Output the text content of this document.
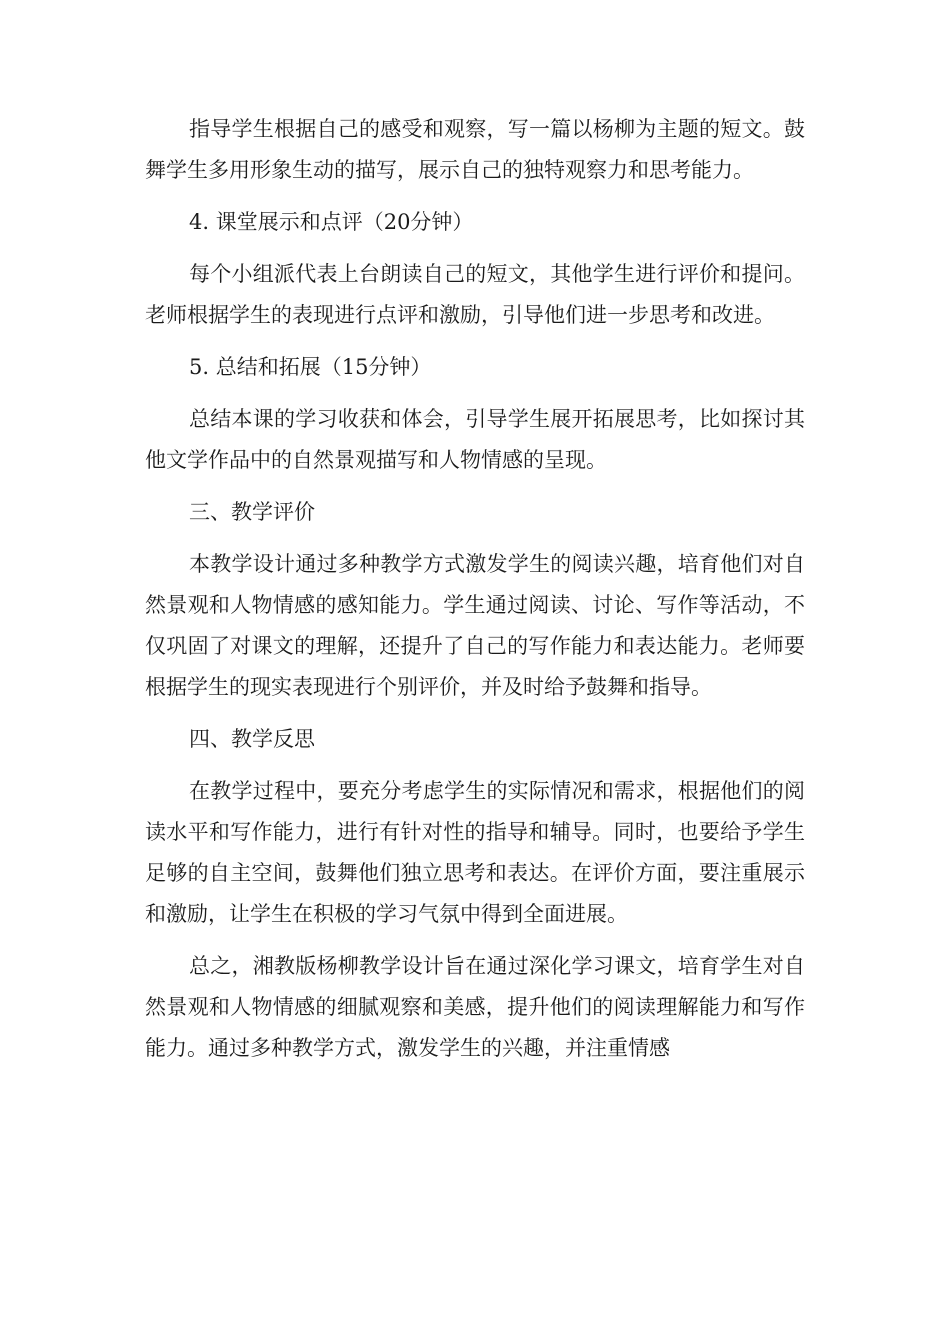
指导学生根据自己的感受和观察，写一篇以杨柳为主题的短文。鼓舞学生多用形象生动的描写，展示自己的独特观察力和思考能力。

4. 课堂展示和点评（20分钟）

每个小组派代表上台朗读自己的短文，其他学生进行评价和提问。老师根据学生的表现进行点评和激励，引导他们进一步思考和改进。

5. 总结和拓展（15分钟）

总结本课的学习收获和体会，引导学生展开拓展思考，比如探讨其他文学作品中的自然景观描写和人物情感的呈现。

三、教学评价

本教学设计通过多种教学方式激发学生的阅读兴趣，培育他们对自然景观和人物情感的感知能力。学生通过阅读、讨论、写作等活动，不仅巩固了对课文的理解，还提升了自己的写作能力和表达能力。老师要根据学生的现实表现进行个别评价，并及时给予鼓舞和指导。

四、教学反思

在教学过程中，要充分考虑学生的实际情况和需求，根据他们的阅读水平和写作能力，进行有针对性的指导和辅导。同时，也要给予学生足够的自主空间，鼓舞他们独立思考和表达。在评价方面，要注重展示和激励，让学生在积极的学习气氛中得到全面进展。

总之，湘教版杨柳教学设计旨在通过深化学习课文，培育学生对自然景观和人物情感的细腻观察和美感，提升他们的阅读理解能力和写作能力。通过多种教学方式，激发学生的兴趣，并注重情感
